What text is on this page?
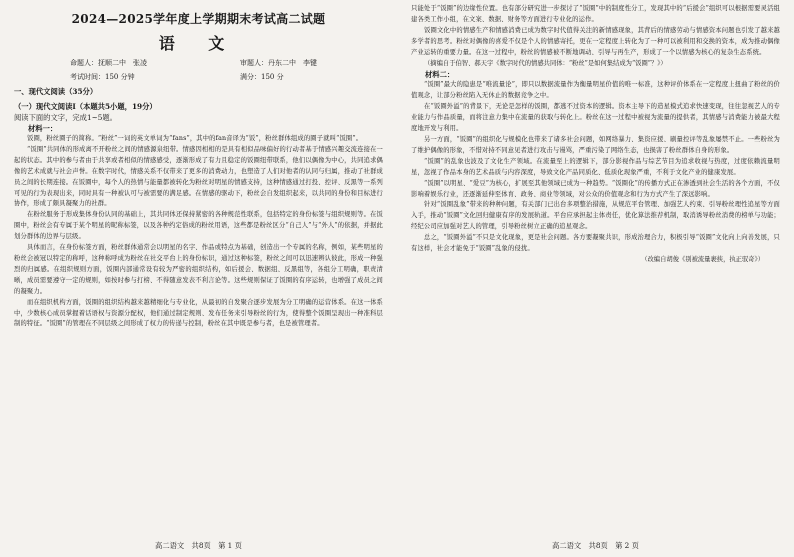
2024—2025学年度上学期期末考试高二试题
语 文
命题人：抚顺二中　张凌	审题人：丹东二中　李键
考试时间：150 分钟	满分：150 分
一、现代文阅读（35分）
（一）现代文阅读Ⅰ（本题共5小题，19分）
阅读下面的文字，完成1~5题。
材料一：

饭圈，粉丝圈子的简称。“粉丝”一词的英文单词为“fans”，其中的fan音译为“饭”，粉丝群体组成的圈子就叫“饭圈”。

“饭圈”共同体的形成离不开粉丝之间的情感源泉纽带。情感因相相的是具有相似品味偏好的行动者基于情感兴趣交流连接在一起的状态。其中的参与者由于共享或者相似的情感感受，逐渐形成了有力且稳定的饭圈纽带联系，他们以偶像为中心，共同追求偶像的艺术成就与社会声誉。在数字时代，情感关系不仅带来了更多的消费动力，也塑造了人们对他者的认同与归属，推动了社群成员之间的长期连接。在饭圈中，每个人的热情与能量都被转化为粉丝对明星的情感支持，这种情感通过打投、控评、反黑等一系列可见的行为表现出来，同时具有一种被认可与被需要的满足感。在情感的驱动下，粉丝会自发组织起来，以共同的身份和目标进行协作，形成了颇具凝聚力的社群。

在粉丝服务于形成集体身份认同的基础上，其共同体还保持紧密的各种规范性联系，包括特定的身份标签与组织规则等。在饭圈中，粉丝会有专属于某个明星的昵称标签，以及各种约定俗成的粉丝用语，这些都是粉丝区分“自己人”与“外人”的依据，并据此划分群体的边界与层级。

具体而言，在身份标签方面，粉丝群体通常会以明星的名字、作品或特点为基础，创造出一个专属的名称，例如，某些明星的粉丝会被冠以特定的称呼，这种称呼成为粉丝在社交平台上的身份标识，通过这种标签，粉丝之间可以迅速辨认彼此，形成一种强烈的归属感。在组织规则方面，饭圈内部通常设有较为严密的组织结构，如后援会、数据组、反黑组等，各组分工明确，职责清晰，成员需要遵守一定的规则，如按时参与打榜、不得随意发表不利言论等。这些规则保证了饭圈的有序运转，也增强了成员之间的凝聚力。

而在组织机构方面，饭圈的组织结构越来越精细化与专业化，从最初的自发聚合逐步发展为分工明确的运营体系。在这一体系中，少数核心成员掌握着话语权与资源分配权，他们通过制定规则、发布任务来引导粉丝的行为，使得整个饭圈呈现出一种准科层制的特征。“饭圈”的管理在不同层级之间形成了权力的传递与控制，粉丝在其中既是参与者，也是被管理者。

高二语文　共8页　第 1 页

只能处于“饭圈”的边缘性位置。也有部分研究进一步探讨了“饭圈”中的制度性分工，发现其中的“后援会”组织可以根据需要灵活组建各类工作小组，在文案、数据、财务等方面进行专业化的运作。

饭圈文化中的情感生产和情感消费已成为数字时代值得关注的新情感现象，其背后的情感劳动与情感资本问题也引发了越来越多学者的思考。粉丝对偶像的喜爱不仅是个人的情感寄托，更在一定程度上转化为了一种可以被利用和交换的资本，成为推动偶像产业运转的重要力量。在这一过程中，粉丝的情感被不断地调动、引导与再生产，形成了一个以情感为核心的复杂生态系统。

（摘编自于伯智、郝天宇《数字时代的情感共同体：“粉丝”是如何集结成为“饭圈”？》）
材料二：

“饭圈”最大的隐患是“唯流量论”，即只以数据流量作为衡量明星价值的唯一标准，这种评价体系在一定程度上扭曲了粉丝的价值观念，让部分粉丝陷入无休止的数据竞争之中。

在“饭圈外溢”的背景下，无论是怎样的饭圈，都逃不过资本的逻辑。资本主导下的造星模式追求快速变现，往往忽视艺人的专业能力与作品质量，而将注意力集中在流量的获取与转化上。粉丝在这一过程中被视为流量的提供者，其情感与消费能力被最大程度地开发与利用。

另一方面，“饭圈”的组织化与规模化也带来了诸多社会问题，如网络暴力、集资应援、刷量控评等乱象屡禁不止。一些粉丝为了维护偶像的形象，不惜对持不同意见者进行攻击与谩骂，严重污染了网络生态，也损害了粉丝群体自身的形象。

“饭圈”的乱象也波及了文化生产领域。在流量至上的逻辑下，部分影视作品与综艺节目为追求收视与热度，过度依赖流量明星，忽视了作品本身的艺术品质与内容深度，导致文化产品同质化、低质化现象严重，不利于文化产业的健康发展。

“饭圈”以明星、“爱豆”为核心，扩展至其他领域已成为一种趋势。“饭圈化”的传播方式正在渗透到社会生活的各个方面，不仅影响着娱乐行业，还逐渐延伸至体育、政务、商业等领域，对公众的价值观念和行为方式产生了深远影响。

针对“饭圈乱象”带来的种种问题，有关部门已出台多项整治措施，从规范平台管理、加强艺人约束、引导粉丝理性追星等方面入手，推动“饭圈”文化回归健康有序的发展轨道。平台应承担起主体责任，优化算法推荐机制，取消诱导粉丝消费的榜单与功能；经纪公司应加强对艺人的管理，引导粉丝树立正确的追星观念。

总之，“饭圈外溢”不只是文化现象，更是社会问题。各方要凝聚共识，形成治理合力，积极引导“饭圈”文化向上向善发展，只有这样，社会才能免于“饭圈”乱象的侵扰。

（改编自胡俊《别被流量裹挟，执正驭奇》）
高二语文　共8页　第 2 页
